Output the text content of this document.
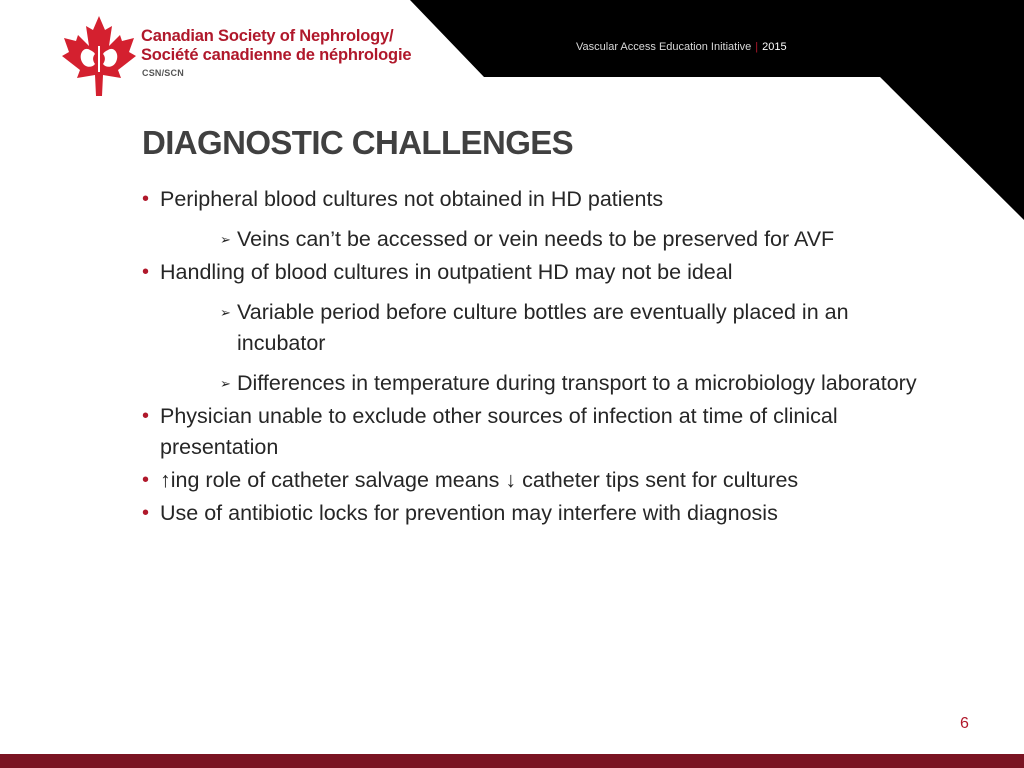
Canadian Society of Nephrology/
Société canadienne de néphrologie
CSN/SCN
Vascular Access Education Initiative | 2015
DIAGNOSTIC CHALLENGES
• Peripheral blood cultures not obtained in HD patients
➢ Veins can’t be accessed or vein needs to be preserved for AVF
• Handling of blood cultures in outpatient HD may not be ideal
➢ Variable period before culture bottles are eventually placed in an incubator
➢ Differences in temperature during transport to a microbiology laboratory
• Physician unable to exclude other sources of infection at time of clinical presentation
• ↑ing role of catheter salvage means ↓ catheter tips sent for cultures
• Use of antibiotic locks for prevention may interfere with diagnosis
6
